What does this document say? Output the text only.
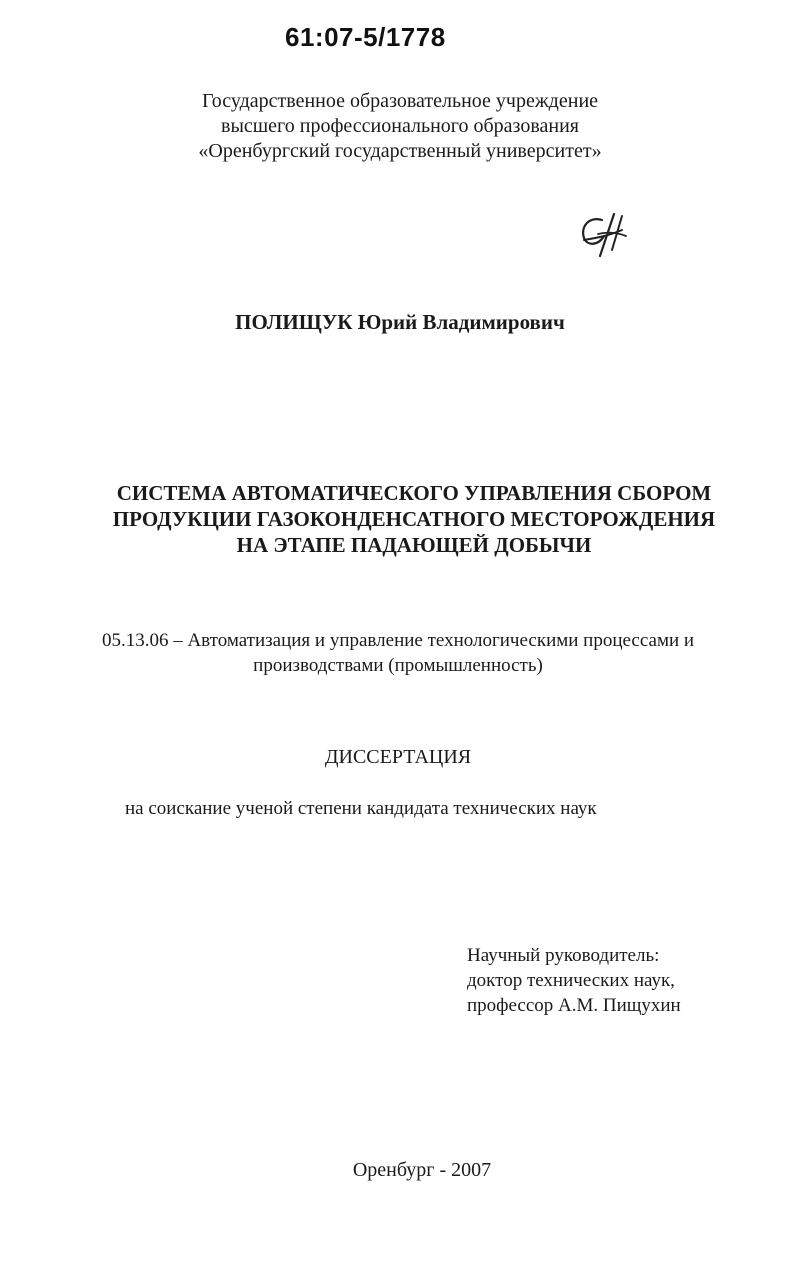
61:07-5/1778
Государственное образовательное учреждение
высшего профессионального образования
«Оренбургский государственный университет»
ПОЛИЩУК Юрий Владимирович
СИСТЕМА АВТОМАТИЧЕСКОГО УПРАВЛЕНИЯ СБОРОМ
ПРОДУКЦИИ ГАЗОКОНДЕНСАТНОГО МЕСТОРОЖДЕНИЯ
НА ЭТАПЕ ПАДАЮЩЕЙ ДОБЫЧИ
05.13.06 – Автоматизация и управление технологическими процессами и
производствами (промышленность)
ДИССЕРТАЦИЯ
на соискание ученой степени кандидата технических наук
Научный руководитель:
доктор технических наук,
профессор А.М. Пищухин
Оренбург - 2007
